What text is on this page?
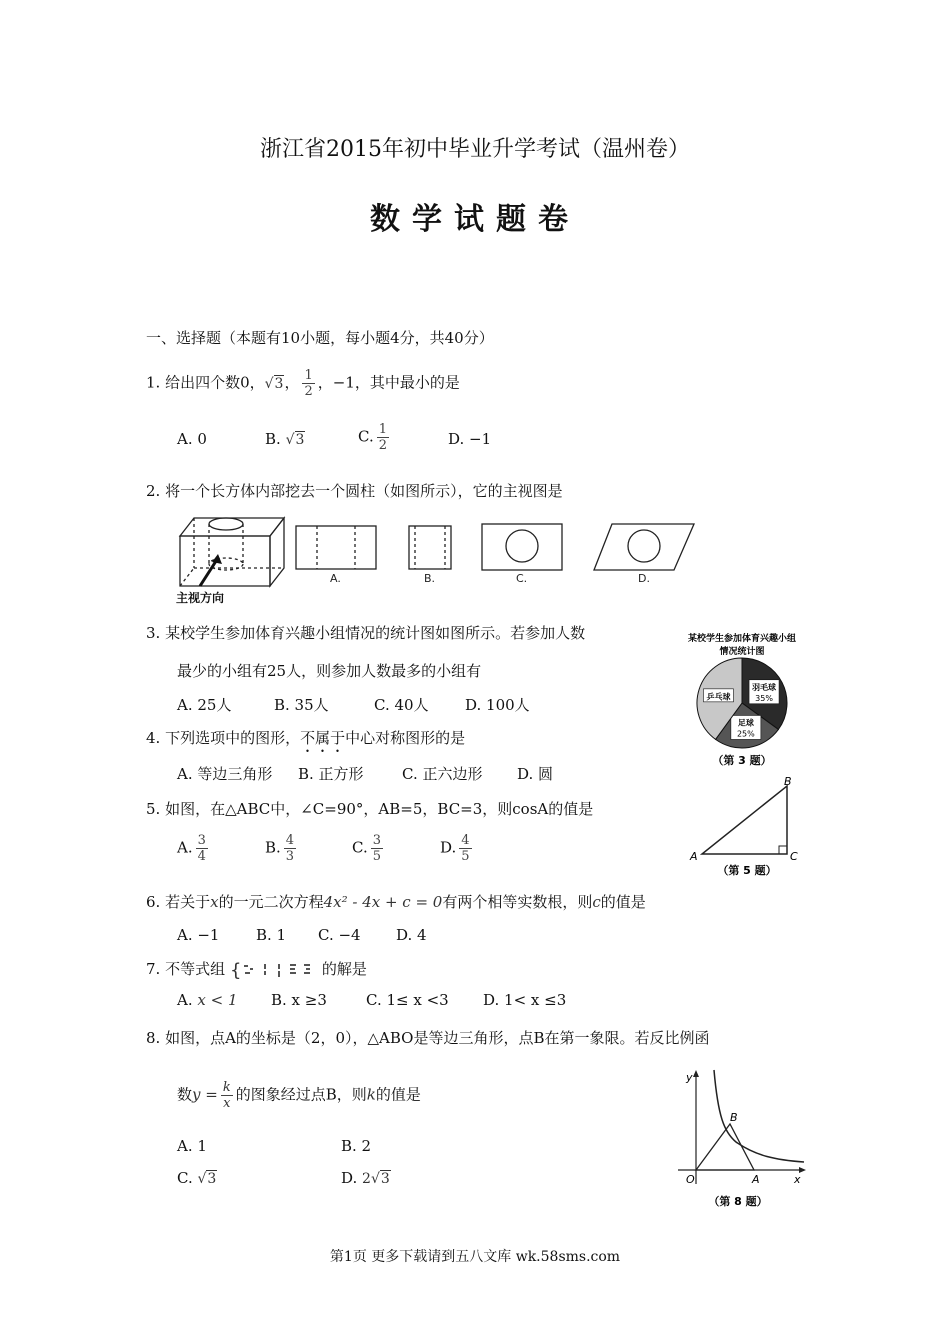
浙江省2015年初中毕业升学考试（温州卷）
数学试题卷
一、选择题（本题有10小题，每小题4分，共40分）
1. 给出四个数0，√3， $\frac{1}{2}$ ，−1，其中最小的是
A. 0	B. √3	C. $\frac{1}{2}$	D. −1
2. 将一个长方体内部挖去一个圆柱（如图所示），它的主视图是
主视方向
A.	B.	C.	D.
3. 某校学生参加体育兴趣小组情况的统计图如图所示。若参加人数
最少的小组有25人，则参加人数最多的小组有
A. 25人	B. 35人	C. 40人 D. 100人
某校学生参加体育兴趣小组
情况统计图
羽毛球
35%
足球
25%
乒乓球
（第 3 题）
4. 下列选项中的图形，不属于中心对称图形的是
A. 等边三角形 B. 正方形	C. 正六边形 D. 圆
5. 如图，在△ABC中，∠C=90°，AB=5，BC=3，则cosA的值是
A. $\frac{3}{4}$	B. $\frac{4}{3}$	C. $\frac{3}{5}$	D. $\frac{4}{5}$	A
B
C
（第 5 题）
6. 若关于x的一元二次方程4x² - 4x + c = 0有两个相等实数根，则c的值是
A. −1 B. 1 C. −4 D. 4
7. 不等式组 {	的解是
A. x < 1 B. x ≥3	C. 1≤ x <3 D. 1< x ≤3
8. 如图，点A的坐标是（2，0），△ABO是等边三角形，点B在第一象限。若反比例函
数$y = \frac{k}{x}$ 的图象经过点B，则k的值是
A. 1	B. 2
C. √3	D. 2√3
y
x
O	A
B
（第 8 题）
第1页 更多下载请到五八文库 wk.58sms.com
